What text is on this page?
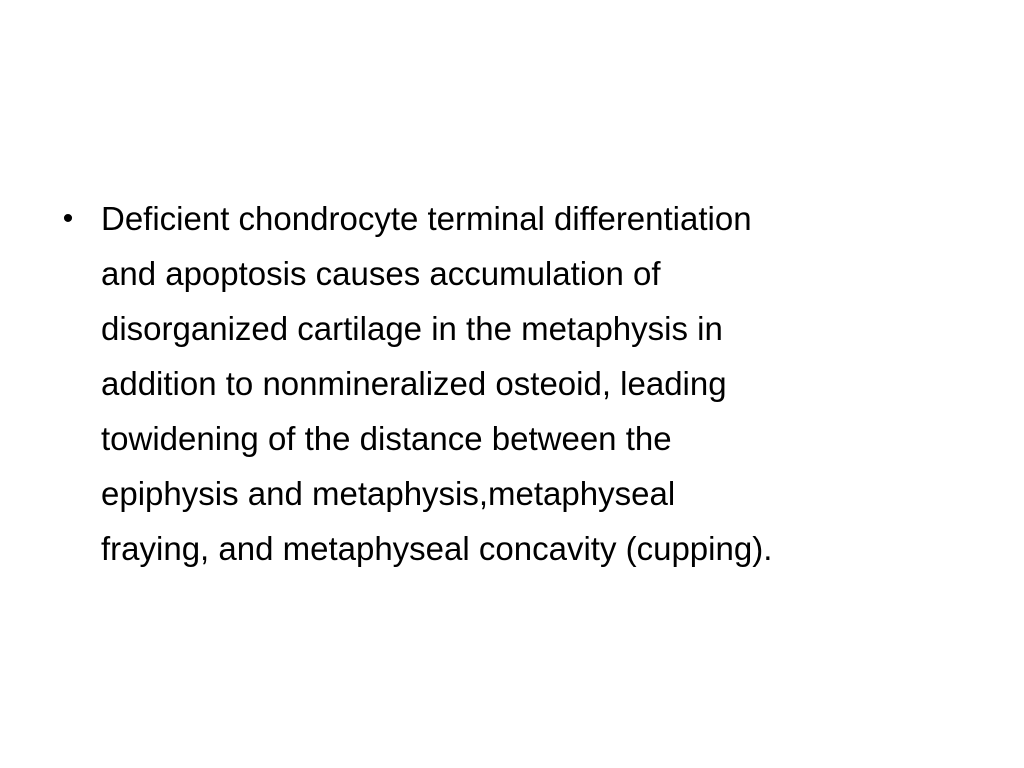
• Deficient chondrocyte terminal differentiation
and apoptosis causes accumulation of
disorganized cartilage in the metaphysis in
addition to nonmineralized osteoid, leading
towidening of the distance between the
epiphysis and metaphysis,metaphyseal
fraying, and metaphyseal concavity (cupping).
